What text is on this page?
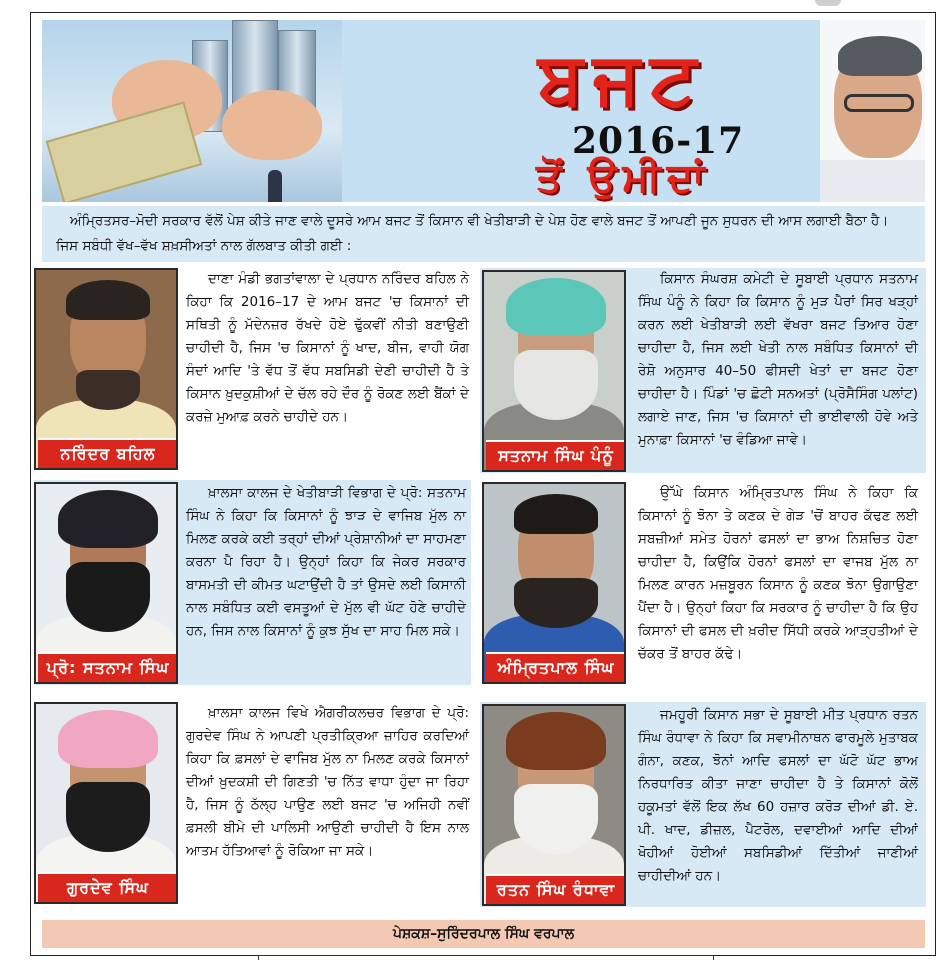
ਬਜਟ
2016-17
ਤੋਂ ਉਮੀਦਾਂ
ਅੰਮ੍ਰਿਤਸਰ–ਮੋਦੀ ਸਰਕਾਰ ਵੱਲੋਂ ਪੇਸ਼ ਕੀਤੇ ਜਾਣ ਵਾਲੇ ਦੂਸਰੇ ਆਮ ਬਜਟ ਤੋਂ ਕਿਸਾਨ ਵੀ ਖੇਤੀਬਾੜੀ ਦੇ ਪੇਸ਼ ਹੋਣ ਵਾਲੇ ਬਜਟ ਤੋਂ ਆਪਣੀ ਜੂਨ ਸੁਧਰਨ ਦੀ ਆਸ ਲਗਾਈ ਬੈਠਾ ਹੈ। ਜਿਸ ਸਬੰਧੀ ਵੱਖ–ਵੱਖ ਸ਼ਖ਼ਸੀਅਤਾਂ ਨਾਲ ਗੱਲਬਾਤ ਕੀਤੀ ਗਈ :
ਨਰਿੰਦਰ ਬਹਿਲ
ਦਾਣਾ ਮੰਡੀ ਭਗਤਾਂਵਾਲਾ ਦੇ ਪ੍ਰਧਾਨ ਨਰਿੰਦਰ ਬਹਿਲ ਨੇ ਕਿਹਾ ਕਿ 2016–17 ਦੇ ਆਮ ਬਜਟ 'ਚ ਕਿਸਾਨਾਂ ਦੀ ਸਥਿਤੀ ਨੂੰ ਮੱਦੇਨਜ਼ਰ ਰੱਖਦੇ ਹੋਏ ਢੁੱਕਵੀਂ ਨੀਤੀ ਬਣਾਉਣੀ ਚਾਹੀਦੀ ਹੈ, ਜਿਸ 'ਚ ਕਿਸਾਨਾਂ ਨੂੰ ਖਾਦ, ਬੀਜ, ਵਾਹੀ ਯੋਗ ਸੰਦਾਂ ਆਦਿ 'ਤੇ ਵੱਧ ਤੋਂ ਵੱਧ ਸਬਸਿਡੀ ਦੇਣੀ ਚਾਹੀਦੀ ਹੈ ਤੇ ਕਿਸਾਨ ਖ਼ੁਦਕੁਸ਼ੀਆਂ ਦੇ ਚੱਲ ਰਹੇ ਦੌਰ ਨੂੰ ਰੋਕਣ ਲਈ ਬੈਂਕਾਂ ਦੇ ਕਰਜ਼ੇ ਮੁਆਫ਼ ਕਰਨੇ ਚਾਹੀਦੇ ਹਨ।
ਸਤਨਾਮ ਸਿੰਘ ਪੰਨੂੰ
ਕਿਸਾਨ ਸੰਘਰਸ਼ ਕਮੇਟੀ ਦੇ ਸੂਬਾਈ ਪ੍ਰਧਾਨ ਸਤਨਾਮ ਸਿੰਘ ਪੰਨੂੰ ਨੇ ਕਿਹਾ ਕਿ ਕਿਸਾਨ ਨੂੰ ਮੁੜ ਪੈਰਾਂ ਸਿਰ ਖੜ੍ਹਾਂ ਕਰਨ ਲਈ ਖੇਤੀਬਾੜੀ ਲਈ ਵੱਖਰਾ ਬਜਟ ਤਿਆਰ ਹੋਣਾ ਚਾਹੀਦਾ ਹੈ, ਜਿਸ ਲਈ ਖੇਤੀ ਨਾਲ ਸਬੰਧਿਤ ਕਿਸਾਨਾਂ ਦੀ ਰੇਸ਼ੋ ਅਨੁਸਾਰ 40–50 ਫੀਸਦੀ ਖੇਤਾਂ ਦਾ ਬਜਟ ਹੋਣਾ ਚਾਹੀਦਾ ਹੈ। ਪਿੰਡਾਂ 'ਚ ਛੋਟੀ ਸਨਅਤਾਂ (ਪ੍ਰੋਸੈਸਿੰਗ ਪਲਾਂਟ) ਲਗਾਏ ਜਾਣ, ਜਿਸ 'ਚ ਕਿਸਾਨਾਂ ਦੀ ਭਾਈਵਾਲੀ ਹੋਵੇ ਅਤੇ ਮੁਨਾਫ਼ਾ ਕਿਸਾਨਾਂ 'ਚ ਵੰਡਿਆ ਜਾਵੇ।
ਪ੍ਰੋ: ਸਤਨਾਮ ਸਿੰਘ
ਖ਼ਾਲਸਾ ਕਾਲਜ ਦੇ ਖੇਤੀਬਾੜੀ ਵਿਭਾਗ ਦੇ ਪ੍ਰੋ: ਸਤਨਾਮ ਸਿੰਘ ਨੇ ਕਿਹਾ ਕਿ ਕਿਸਾਨਾਂ ਨੂੰ ਝਾੜ ਦੇ ਵਾਜਿਬ ਮੁੱਲ ਨਾ ਮਿਲਣ ਕਰਕੇ ਕਈ ਤਰ੍ਹਾਂ ਦੀਆਂ ਪ੍ਰੇਸ਼ਾਨੀਆਂ ਦਾ ਸਾਹਮਣਾ ਕਰਨਾ ਪੈ ਰਿਹਾ ਹੈ। ਉਨ੍ਹਾਂ ਕਿਹਾ ਕਿ ਜੇਕਰ ਸਰਕਾਰ ਬਾਸਮਤੀ ਦੀ ਕੀਮਤ ਘਟਾਉਂਦੀ ਹੈ ਤਾਂ ਉਸਦੇ ਲਈ ਕਿਸਾਨੀ ਨਾਲ ਸਬੰਧਿਤ ਕਈ ਵਸਤੂਆਂ ਦੇ ਮੁੱਲ ਵੀ ਘੱਟ ਹੋਣੇ ਚਾਹੀਦੇ ਹਨ, ਜਿਸ ਨਾਲ ਕਿਸਾਨਾਂ ਨੂੰ ਕੁਝ ਸੁੱਖ ਦਾ ਸਾਹ ਮਿਲ ਸਕੇ।
ਅੰਮ੍ਰਿਤਪਾਲ ਸਿੰਘ
ਉੱਘੇ ਕਿਸਾਨ ਅੰਮ੍ਰਿਤਪਾਲ ਸਿੰਘ ਨੇ ਕਿਹਾ ਕਿ ਕਿਸਾਨਾਂ ਨੂੰ ਝੋਨਾ ਤੇ ਕਣਕ ਦੇ ਗੇੜ 'ਚੋਂ ਬਾਹਰ ਕੱਢਣ ਲਈ ਸਬਜ਼ੀਆਂ ਸਮੇਤ ਹੋਰਨਾਂ ਫਸਲਾਂ ਦਾ ਭਾਅ ਨਿਸ਼ਚਿਤ ਹੋਣਾ ਚਾਹੀਦਾ ਹੈ, ਕਿਉਂਕਿ ਹੋਰਨਾਂ ਫਸਲਾਂ ਦਾ ਵਾਜਬ ਮੁੱਲ ਨਾ ਮਿਲਣ ਕਾਰਨ ਮਜ਼ਬੂਰਨ ਕਿਸਾਨ ਨੂੰ ਕਣਕ ਝੋਨਾ ਉਗਾਉਣਾ ਪੈਂਦਾ ਹੈ। ਉਨ੍ਹਾਂ ਕਿਹਾ ਕਿ ਸਰਕਾਰ ਨੂੰ ਚਾਹੀਦਾ ਹੈ ਕਿ ਉਹ ਕਿਸਾਨਾਂ ਦੀ ਫਸਲ ਦੀ ਖ਼ਰੀਦ ਸਿੱਧੀ ਕਰਕੇ ਆੜ੍ਹਤੀਆਂ ਦੇ ਚੱਕਰ ਤੋਂ ਬਾਹਰ ਕੱਢੇ।
ਗੁਰਦੇਵ ਸਿੰਘ
ਖ਼ਾਲਸਾ ਕਾਲਜ ਵਿਖੇ ਐਗਰੀਕਲਚਰ ਵਿਭਾਗ ਦੇ ਪ੍ਰੋ: ਗੁਰਦੇਵ ਸਿੰਘ ਨੇ ਆਪਣੀ ਪ੍ਰਤੀਕ੍ਰਿਆ ਜ਼ਾਹਿਰ ਕਰਦਿਆਂ ਕਿਹਾ ਕਿ ਫ਼ਸਲਾਂ ਦੇ ਵਾਜਿਬ ਮੁੱਲ ਨਾ ਮਿਲਣ ਕਰਕੇ ਕਿਸਾਨਾਂ ਦੀਆਂ ਖ਼ੁਦਕਸ਼ੀ ਦੀ ਗਿਣਤੀ 'ਚ ਨਿੱਤ ਵਾਧਾ ਹੁੰਦਾ ਜਾ ਰਿਹਾ ਹੈ, ਜਿਸ ਨੂੰ ਠੱਲ੍ਹ ਪਾਉਣ ਲਈ ਬਜਟ 'ਚ ਅਜਿਹੀ ਨਵੀਂ ਫ਼ਸਲੀ ਬੀਮੇ ਦੀ ਪਾਲਿਸੀ ਆਉਣੀ ਚਾਹੀਦੀ ਹੈ ਇਸ ਨਾਲ ਆਤਮ ਹੱਤਿਆਵਾਂ ਨੂੰ ਰੋਕਿਆ ਜਾ ਸਕੇ।
ਰਤਨ ਸਿੰਘ ਰੰਧਾਵਾ
ਜਮਹੂਰੀ ਕਿਸਾਨ ਸਭਾ ਦੇ ਸੂਬਾਈ ਮੀਤ ਪ੍ਰਧਾਨ ਰਤਨ ਸਿੰਘ ਰੰਧਾਵਾ ਨੇ ਕਿਹਾ ਕਿ ਸਵਾਮੀਨਾਥਨ ਫਾਰਮੂਲੇ ਮੁਤਾਬਕ ਗੰਨਾ, ਕਣਕ, ਝੋਨਾਂ ਆਦਿ ਫਸਲਾਂ ਦਾ ਘੱਟੋ ਘੱਟ ਭਾਅ ਨਿਰਧਾਰਿਤ ਕੀਤਾ ਜਾਣਾ ਚਾਹੀਦਾ ਹੈ ਤੇ ਕਿਸਾਨਾਂ ਕੋਲੋਂ ਹਕੂਮਤਾਂ ਵੱਲੋਂ ਇਕ ਲੱਖ 60 ਹਜ਼ਾਰ ਕਰੋੜ ਦੀਆਂ ਡੀ. ਏ. ਪੀ. ਖਾਦ, ਡੀਜ਼ਲ, ਪੈਟਰੋਲ, ਦਵਾਈਆਂ ਆਦਿ ਦੀਆਂ ਖੋਹੀਆਂ ਹੋਈਆਂ ਸਬਸਿਡੀਆਂ ਦਿੱਤੀਆਂ ਜਾਣੀਆਂ ਚਾਹੀਦੀਆਂ ਹਨ।
ਪੇਸ਼ਕਸ਼–ਸੁਰਿੰਦਰਪਾਲ ਸਿੰਘ ਵਰਪਾਲ
